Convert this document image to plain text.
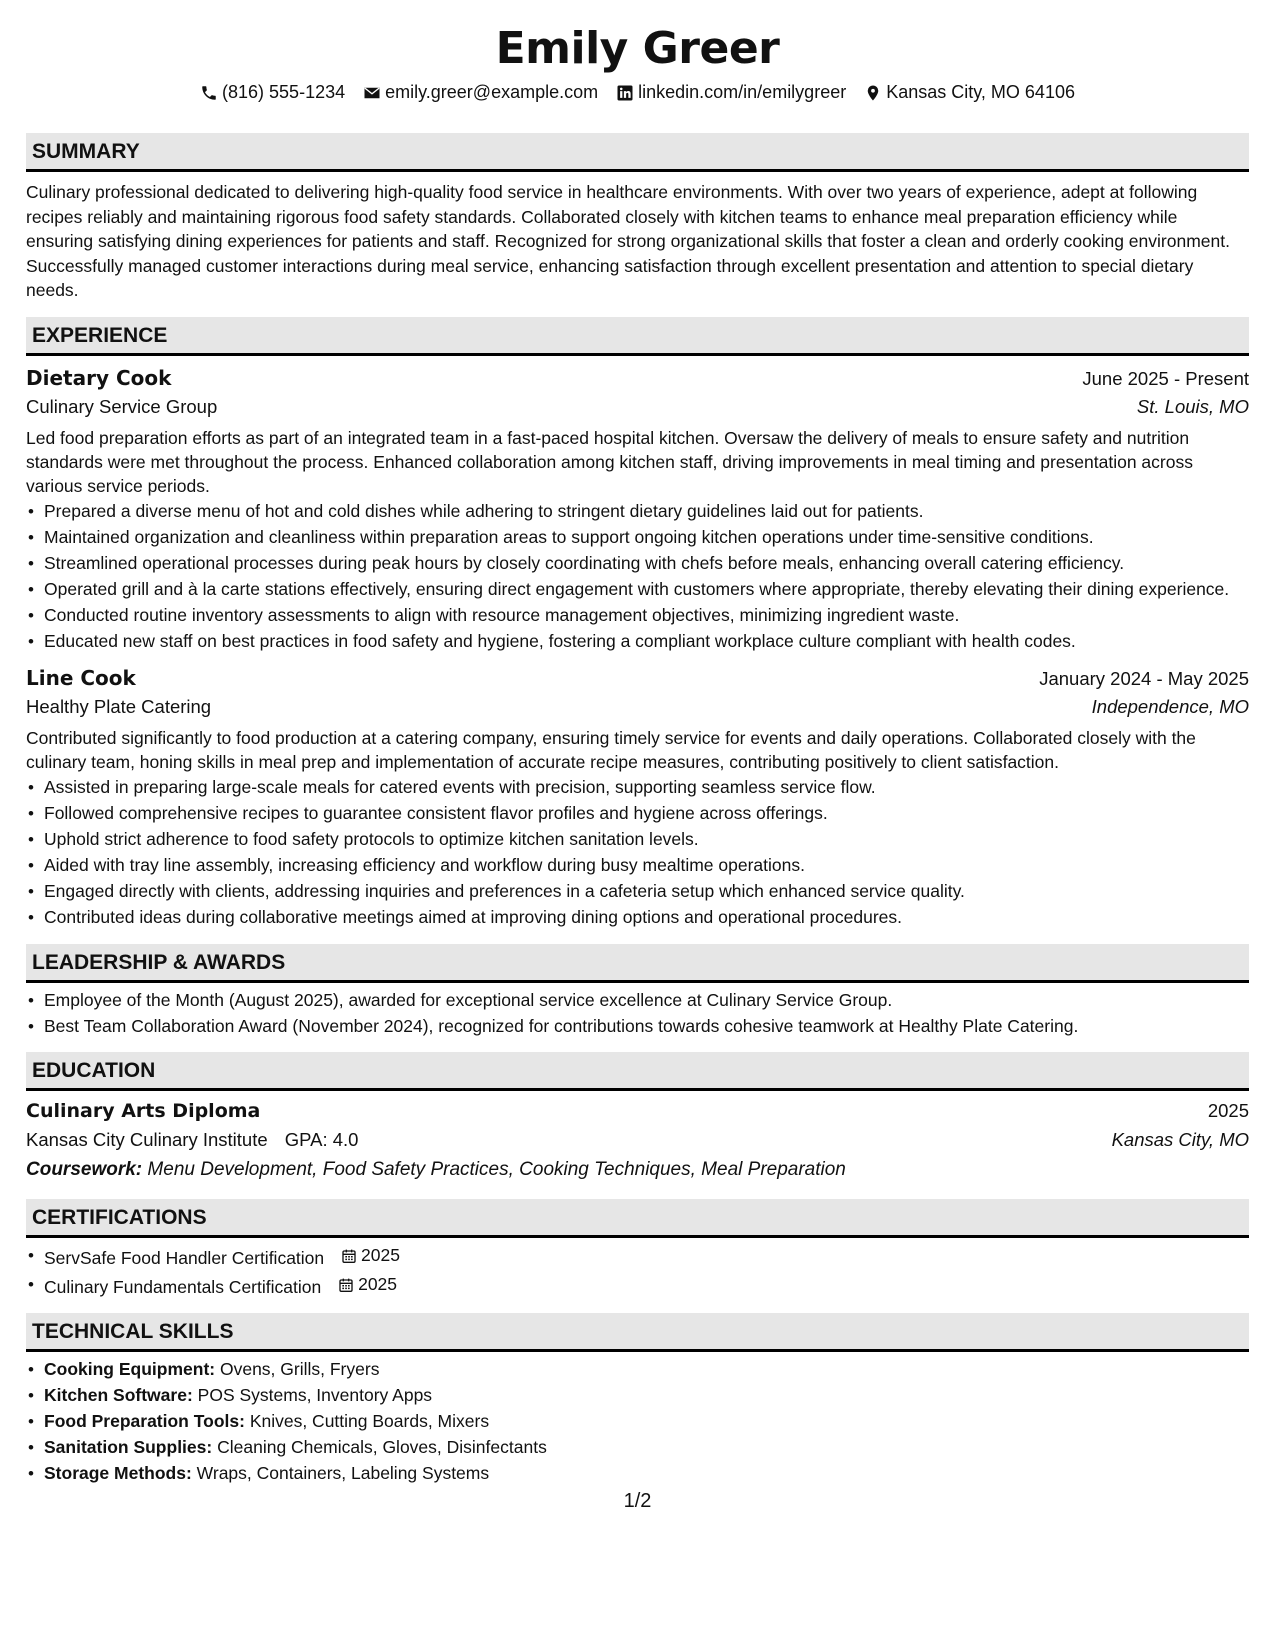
Emily Greer
(816) 555-1234 emily.greer@example.com linkedin.com/in/emilygreer Kansas City, MO 64106
SUMMARY
Culinary professional dedicated to delivering high-quality food service in healthcare environments. With over two years of experience, adept at following recipes reliably and maintaining rigorous food safety standards. Collaborated closely with kitchen teams to enhance meal preparation efficiency while ensuring satisfying dining experiences for patients and staff. Recognized for strong organizational skills that foster a clean and orderly cooking environment. Successfully managed customer interactions during meal service, enhancing satisfaction through excellent presentation and attention to special dietary needs.
EXPERIENCE
Dietary Cook	June 2025 - Present
Culinary Service Group	St. Louis, MO
Led food preparation efforts as part of an integrated team in a fast-paced hospital kitchen. Oversaw the delivery of meals to ensure safety and nutrition standards were met throughout the process. Enhanced collaboration among kitchen staff, driving improvements in meal timing and presentation across various service periods.
• Prepared a diverse menu of hot and cold dishes while adhering to stringent dietary guidelines laid out for patients.
• Maintained organization and cleanliness within preparation areas to support ongoing kitchen operations under time-sensitive conditions.
• Streamlined operational processes during peak hours by closely coordinating with chefs before meals, enhancing overall catering efficiency.
• Operated grill and à la carte stations effectively, ensuring direct engagement with customers where appropriate, thereby elevating their dining experience.
• Conducted routine inventory assessments to align with resource management objectives, minimizing ingredient waste.
• Educated new staff on best practices in food safety and hygiene, fostering a compliant workplace culture compliant with health codes.
Line Cook	January 2024 - May 2025
Healthy Plate Catering	Independence, MO
Contributed significantly to food production at a catering company, ensuring timely service for events and daily operations. Collaborated closely with the culinary team, honing skills in meal prep and implementation of accurate recipe measures, contributing positively to client satisfaction.
• Assisted in preparing large-scale meals for catered events with precision, supporting seamless service flow.
• Followed comprehensive recipes to guarantee consistent flavor profiles and hygiene across offerings.
• Uphold strict adherence to food safety protocols to optimize kitchen sanitation levels.
• Aided with tray line assembly, increasing efficiency and workflow during busy mealtime operations.
• Engaged directly with clients, addressing inquiries and preferences in a cafeteria setup which enhanced service quality.
• Contributed ideas during collaborative meetings aimed at improving dining options and operational procedures.
LEADERSHIP & AWARDS
• Employee of the Month (August 2025), awarded for exceptional service excellence at Culinary Service Group.
• Best Team Collaboration Award (November 2024), recognized for contributions towards cohesive teamwork at Healthy Plate Catering.
EDUCATION
Culinary Arts Diploma	2025
Kansas City Culinary Institute GPA: 4.0	Kansas City, MO
Coursework: Menu Development, Food Safety Practices, Cooking Techniques, Meal Preparation
CERTIFICATIONS
• ServSafe Food Handler Certification 2025
• Culinary Fundamentals Certification 2025
TECHNICAL SKILLS
• Cooking Equipment: Ovens, Grills, Fryers
• Kitchen Software: POS Systems, Inventory Apps
• Food Preparation Tools: Knives, Cutting Boards, Mixers
• Sanitation Supplies: Cleaning Chemicals, Gloves, Disinfectants
• Storage Methods: Wraps, Containers, Labeling Systems
1/2
